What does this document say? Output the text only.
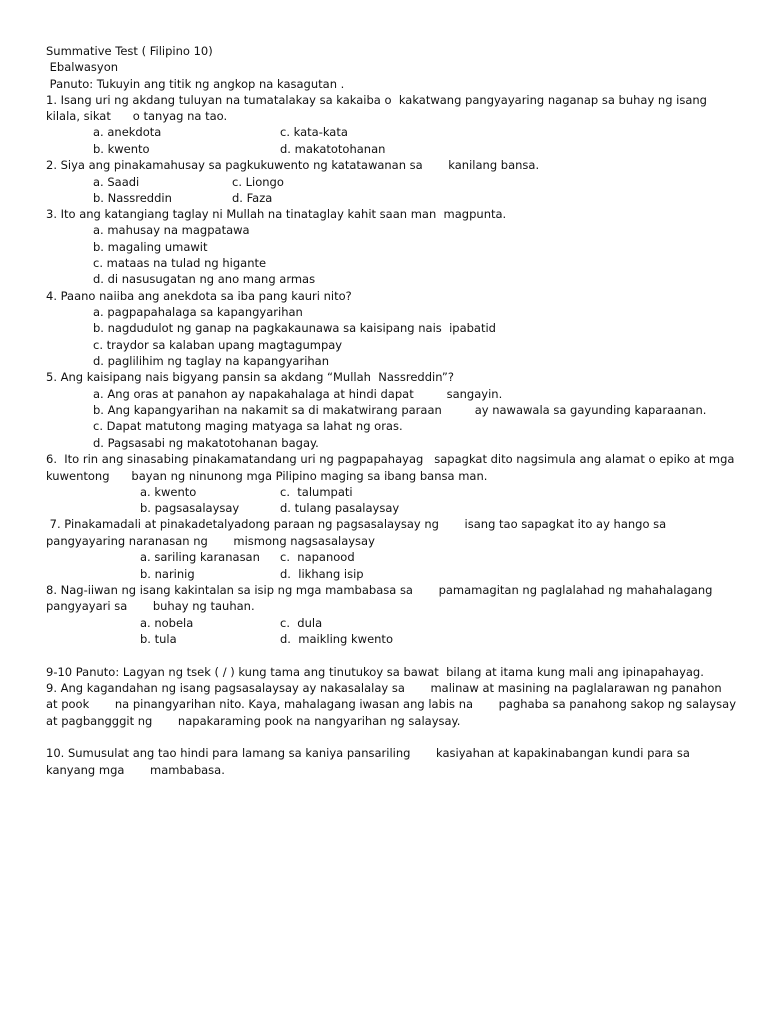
Summative Test ( Filipino 10)
Ebalwasyon
Panuto: Tukuyin ang titik ng angkop na kasagutan .
1. Isang uri ng akdang tuluyan na tumatalakay sa kakaiba o  kakatwang pangyayaring naganap sa buhay ng isang
kilala, sikat      o tanyag na tao.
a. anekdota	c. kata-kata
b. kwento	d. makatotohanan
2. Siya ang pinakamahusay sa pagkukuwento ng katatawanan sa       kanilang bansa.
a. Saadi	c. Liongo
b. Nassreddin	d. Faza
3. Ito ang katangiang taglay ni Mullah na tinataglay kahit saan man  magpunta.
a. mahusay na magpatawa
b. magaling umawit
c. mataas na tulad ng higante
d. di nasusugatan ng ano mang armas
4. Paano naiiba ang anekdota sa iba pang kauri nito?
a. pagpapahalaga sa kapangyarihan
b. nagdudulot ng ganap na pagkakaunawa sa kaisipang nais  ipabatid
c. traydor sa kalaban upang magtagumpay
d. paglilihim ng taglay na kapangyarihan
5. Ang kaisipang nais bigyang pansin sa akdang “Mullah  Nassreddin”?
a. Ang oras at panahon ay napakahalaga at hindi dapat         sangayin.
b. Ang kapangyarihan na nakamit sa di makatwirang paraan         ay nawawala sa gayunding kaparaanan.
c. Dapat matutong maging matyaga sa lahat ng oras.
d. Pagsasabi ng makatotohanan bagay.
6.  Ito rin ang sinasabing pinakamatandang uri ng pagpapahayag   sapagkat dito nagsimula ang alamat o epiko at mga
kuwentong      bayan ng ninunong mga Pilipino maging sa ibang bansa man.
a. kwento	c.  talumpati
b. pagsasalaysay	d. tulang pasalaysay
7. Pinakamadali at pinakadetalyadong paraan ng pagsasalaysay ng       isang tao sapagkat ito ay hango sa
pangyayaring naranasan ng       mismong nagsasalaysay
a. sariling karanasan c.  napanood
b. narinig	d.  likhang isip
8. Nag-iiwan ng isang kakintalan sa isip ng mga mambabasa sa       pamamagitan ng paglalahad ng mahahalagang
pangyayari sa       buhay ng tauhan.
a. nobela	c.  dula
b. tula	d.  maikling kwento
9-10 Panuto: Lagyan ng tsek ( / ) kung tama ang tinutukoy sa bawat  bilang at itama kung mali ang ipinapahayag.
9. Ang kagandahan ng isang pagsasalaysay ay nakasalalay sa       malinaw at masining na paglalarawan ng panahon
at pook       na pinangyarihan nito. Kaya, mahalagang iwasan ang labis na       paghaba sa panahong sakop ng salaysay
at pagbangggit ng       napakaraming pook na nangyarihan ng salaysay.
10. Sumusulat ang tao hindi para lamang sa kaniya pansariling       kasiyahan at kapakinabangan kundi para sa
kanyang mga       mambabasa.
